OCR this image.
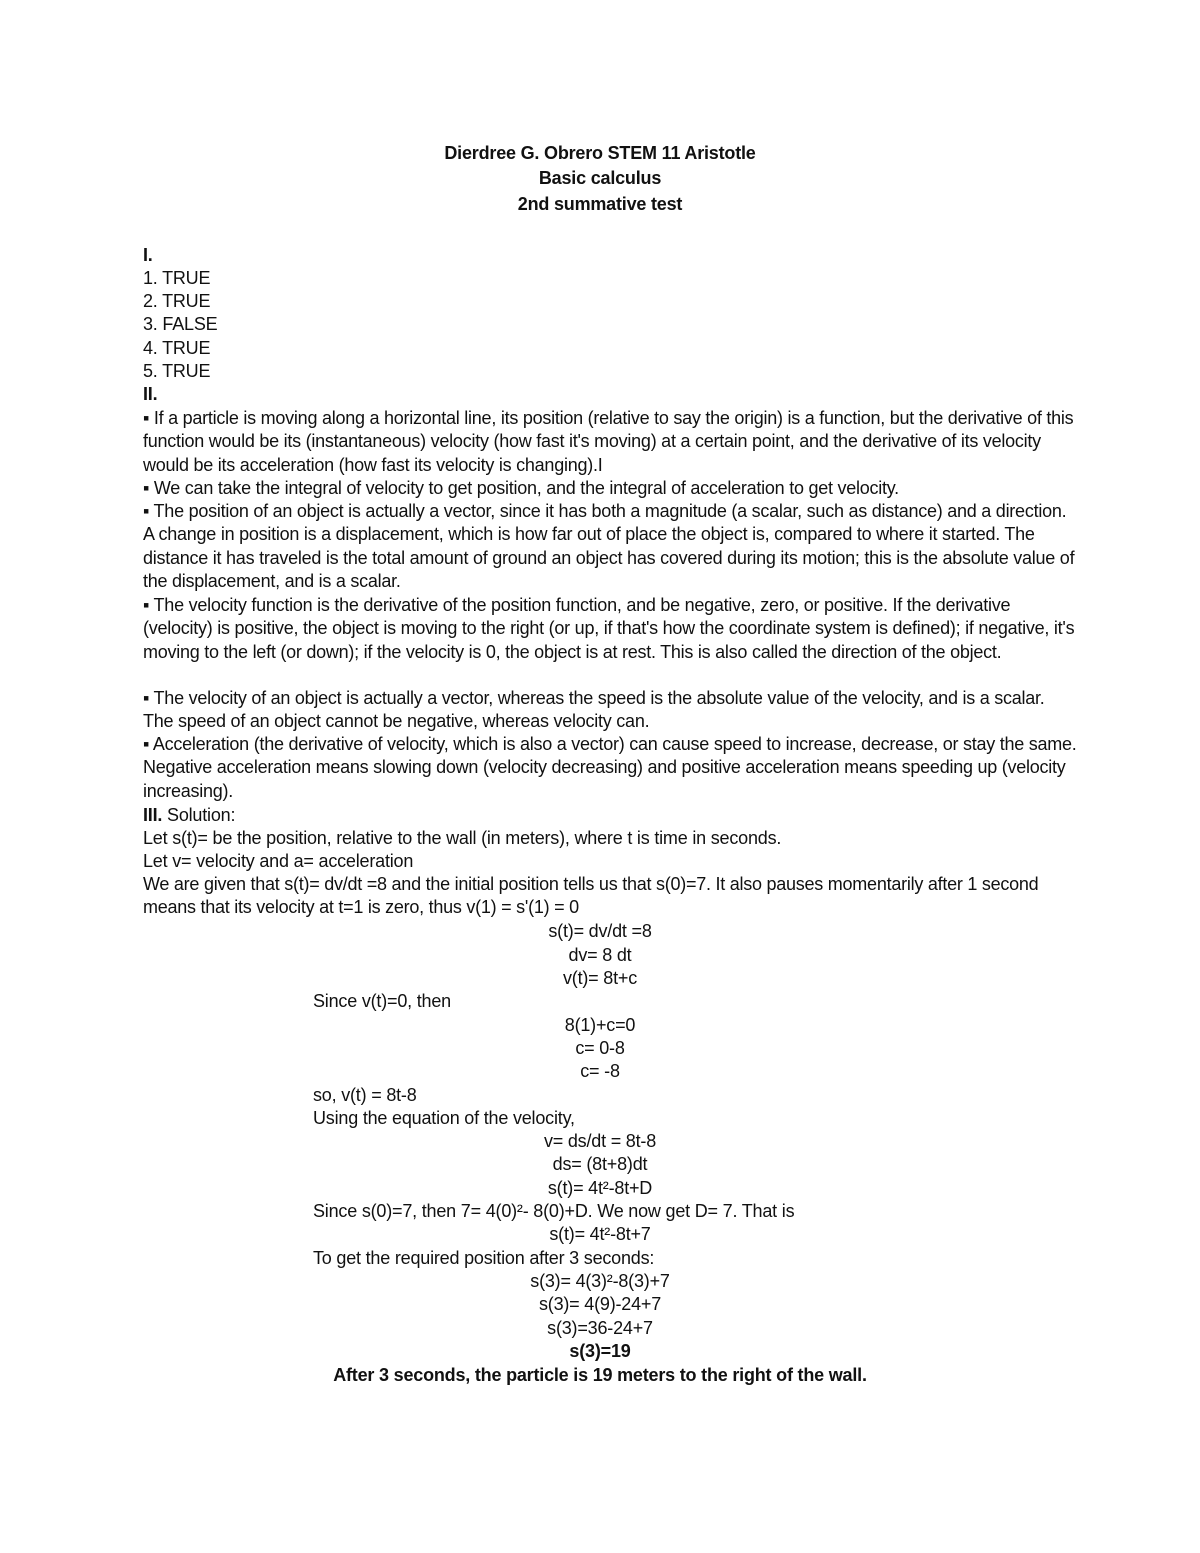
Dierdree G. Obrero STEM 11 Aristotle
Basic calculus
2nd summative test
I.
1. TRUE
2. TRUE
3. FALSE
4. TRUE
5. TRUE
II.
▪ If a particle is moving along a horizontal line, its position (relative to say the origin) is a function, but the derivative of this function would be its (instantaneous) velocity (how fast it's moving) at a certain point, and the derivative of its velocity would be its acceleration (how fast its velocity is changing).I
▪ We can take the integral of velocity to get position, and the integral of acceleration to get velocity.
▪ The position of an object is actually a vector, since it has both a magnitude (a scalar, such as distance) and a direction. A change in position is a displacement, which is how far out of place the object is, compared to where it started. The distance it has traveled is the total amount of ground an object has covered during its motion; this is the absolute value of the displacement, and is a scalar.
▪ The velocity function is the derivative of the position function, and be negative, zero, or positive. If the derivative (velocity) is positive, the object is moving to the right (or up, if that's how the coordinate system is defined); if negative, it's moving to the left (or down); if the velocity is 0, the object is at rest. This is also called the direction of the object.
▪ The velocity of an object is actually a vector, whereas the speed is the absolute value of the velocity, and is a scalar. The speed of an object cannot be negative, whereas velocity can.
▪ Acceleration (the derivative of velocity, which is also a vector) can cause speed to increase, decrease, or stay the same. Negative acceleration means slowing down (velocity decreasing) and positive acceleration means speeding up (velocity increasing).
III. Solution:
Let s(t)= be the position, relative to the wall (in meters), where t is time in seconds.
Let v= velocity and a= acceleration
We are given that s(t)= dv/dt =8 and the initial position tells us that s(0)=7. It also pauses momentarily after 1 second means that its velocity at t=1 is zero, thus v(1) = s'(1) = 0
s(t)= dv/dt =8
dv= 8 dt
v(t)= 8t+c
Since v(t)=0, then
8(1)+c=0
c= 0-8
c= -8
so, v(t) = 8t-8
Using the equation of the velocity,
v= ds/dt = 8t-8
ds= (8t+8)dt
s(t)= 4t²-8t+D
Since s(0)=7, then 7= 4(0)²- 8(0)+D. We now get D= 7. That is
s(t)= 4t²-8t+7
To get the required position after 3 seconds:
s(3)= 4(3)²-8(3)+7
s(3)= 4(9)-24+7
s(3)=36-24+7
s(3)=19
After 3 seconds, the particle is 19 meters to the right of the wall.
